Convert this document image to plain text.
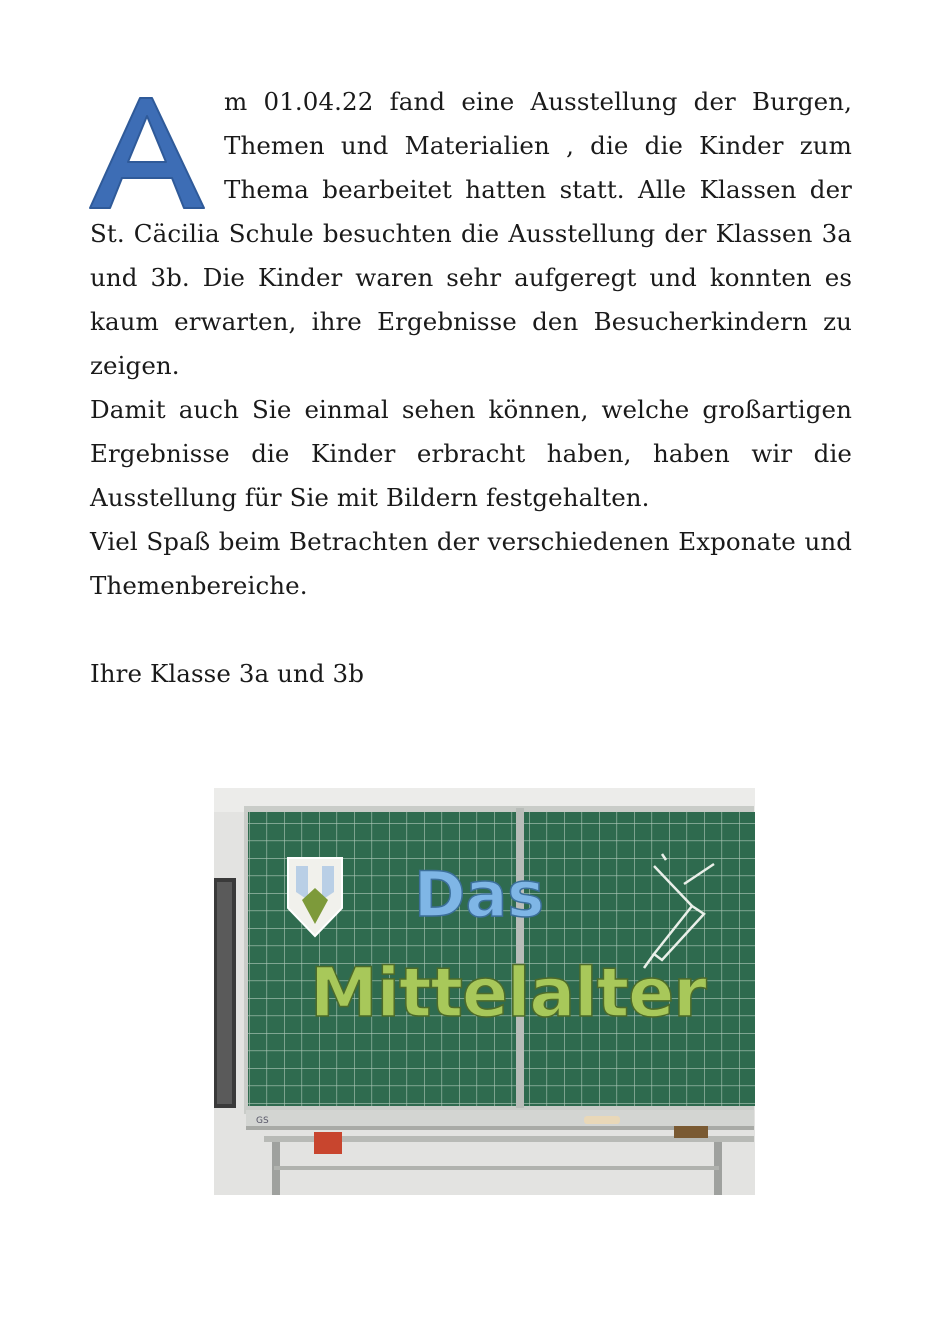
m 01.04.22 fand eine Ausstellung der Burgen, Themen und Materialien , die die Kinder zum Thema bearbeitet hatten statt. Alle Klassen der St. Cäcilia Schule besuchten die Ausstellung der Klassen 3a und 3b. Die Kinder waren sehr aufgeregt und konnten es kaum erwarten, ihre Ergebnisse den Besucherkindern zu zeigen.

Damit auch Sie einmal sehen können, welche großartigen Ergebnisse die Kinder erbracht haben, haben wir die Ausstellung für Sie mit Bildern festgehalten.

Viel Spaß beim Betrachten der verschiedenen Exponate und Themenbereiche.

Ihre Klasse 3a und 3b

Das
Mittelalter
GS
